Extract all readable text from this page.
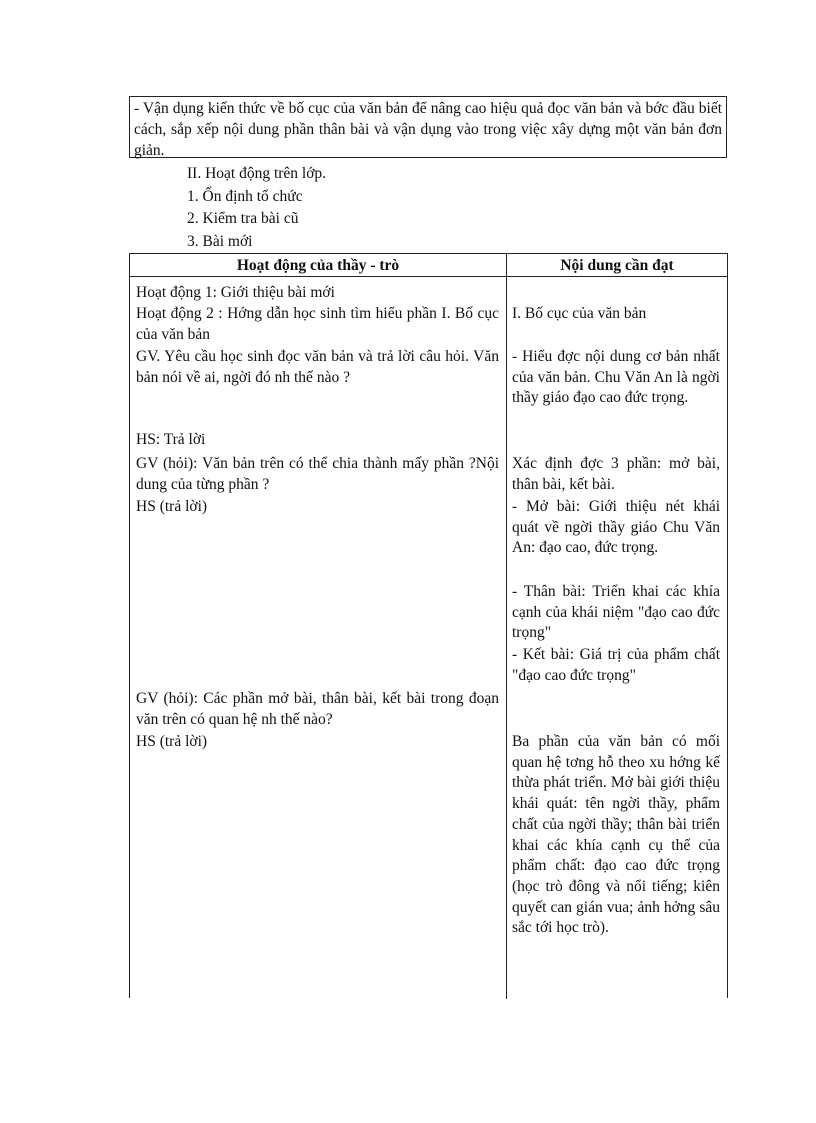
- Vận dụng kiến thức về bố cục của văn bản để nâng cao hiệu quả đọc văn bản và bớc đầu biết cách, sắp xếp nội dung phần thân bài và vận dụng vào trong việc xây dựng một văn bản đơn giản.
II. Hoạt động trên lớp.
1. Ổn định tổ chức
2. Kiểm tra bài cũ
3. Bài mới
Hoạt động của thầy - trò	Nội dung cần đạt
Hoạt động 1: Giới thiệu bài mới
Hoạt động 2 : Hớng dẫn học sinh tìm hiểu phần I. Bố cục của văn bản
GV. Yêu cầu học sinh đọc văn bản và trả lời câu hỏi. Văn bản nói về ai, ngời đó nh thế nào ?
HS: Trả lời
GV (hỏi): Văn bản trên có thể chia thành mấy phần ?Nội dung của từng phần ?
HS (trả lời)
GV (hỏi): Các phần mở bài, thân bài, kết bài trong đoạn văn trên có quan hệ nh thế nào?
HS (trả lời)
I. Bố cục của văn bản
- Hiểu đợc nội dung cơ bản nhất của văn bản. Chu Văn An là ngời thầy giáo đạo cao đức trọng.
Xác định đợc 3 phần: mở bài, thân bài, kết bài.
- Mở bài: Giới thiệu nét khái quát về ngời thầy giáo Chu Văn An: đạo cao, đức trọng.
- Thân bài: Triển khai các khía cạnh của khái niệm "đạo cao đức trọng"
- Kết bài: Giá trị của phẩm chất "đạo cao đức trọng"
Ba phần của văn bản có mối quan hệ tơng hỗ theo xu hớng kế thừa phát triển. Mở bài giới thiệu khái quát: tên ngời thầy, phẩm chất của ngời thầy; thân bài triển khai các khía cạnh cụ thể của phẩm chất: đạo cao đức trọng (học trò đông và nổi tiếng; kiên quyết can gián vua; ảnh hởng sâu sắc tới học trò).
